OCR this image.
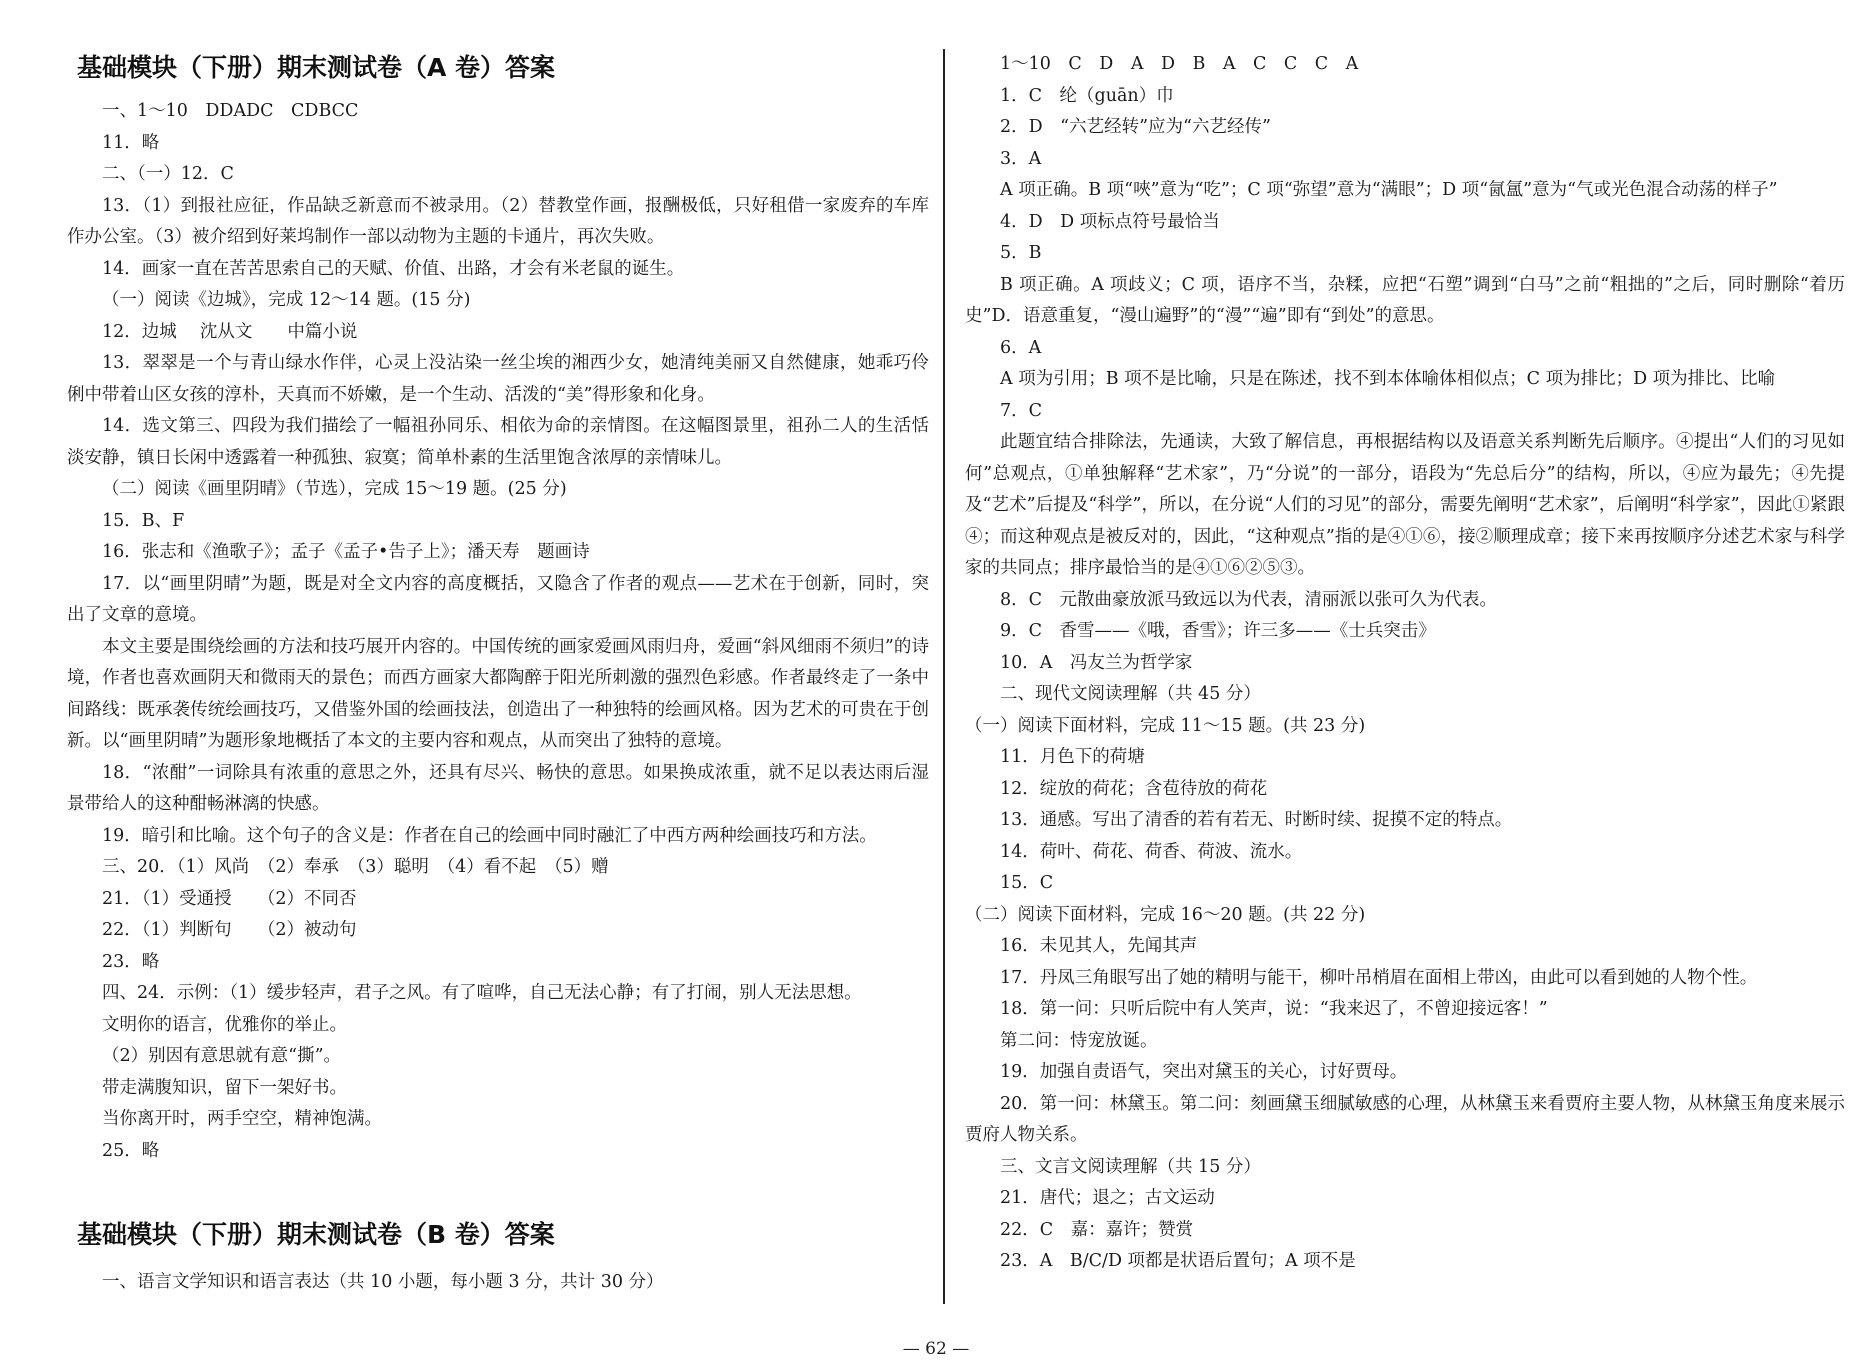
基础模块（下册）期末测试卷（A 卷）答案

一、1～10　DDADC　CDBCC

11．略

二、（一）12．C

13．（1）到报社应征，作品缺乏新意而不被录用。（2）替教堂作画，报酬极低，只好租借一家废弃的车库作办公室。（3）被介绍到好莱坞制作一部以动物为主题的卡通片，再次失败。

14．画家一直在苦苦思索自己的天赋、价值、出路，才会有米老鼠的诞生。

（一）阅读《边城》，完成 12～14 题。(15 分)

12．边城　 沈从文　　中篇小说

13．翠翠是一个与青山绿水作伴，心灵上没沾染一丝尘埃的湘西少女，她清纯美丽又自然健康，她乖巧伶俐中带着山区女孩的淳朴，天真而不娇嫩，是一个生动、活泼的“美”得形象和化身。

14．选文第三、四段为我们描绘了一幅祖孙同乐、相依为命的亲情图。在这幅图景里，祖孙二人的生活恬淡安静，镇日长闲中透露着一种孤独、寂寞；简单朴素的生活里饱含浓厚的亲情味儿。

（二）阅读《画里阴晴》（节选），完成 15～19 题。(25 分)

15．B、F

16．张志和《渔歌子》；孟子《孟子•告子上》；潘天寿　题画诗

17．以“画里阴晴”为题，既是对全文内容的高度概括，又隐含了作者的观点——艺术在于创新，同时，突出了文章的意境。

本文主要是围绕绘画的方法和技巧展开内容的。中国传统的画家爱画风雨归舟，爱画“斜风细雨不须归”的诗境，作者也喜欢画阴天和微雨天的景色；而西方画家大都陶醉于阳光所刺激的强烈色彩感。作者最终走了一条中间路线：既承袭传统绘画技巧，又借鉴外国的绘画技法，创造出了一种独特的绘画风格。因为艺术的可贵在于创新。以“画里阴晴”为题形象地概括了本文的主要内容和观点，从而突出了独特的意境。

18．“浓酣”一词除具有浓重的意思之外，还具有尽兴、畅快的意思。如果换成浓重，就不足以表达雨后湿景带给人的这种酣畅淋漓的快感。

19．暗引和比喻。这个句子的含义是：作者在自己的绘画中同时融汇了中西方两种绘画技巧和方法。

三、20．（1）风尚　（2）奉承　（3）聪明　（4）看不起　（5）赠

21．（1）受通授　　（2）不同否

22．（1）判断句　　（2）被动句

23．略

四、24．示例：（1）缓步轻声，君子之风。有了喧哗，自己无法心静；有了打闹，别人无法思想。

文明你的语言，优雅你的举止。

（2）别因有意思就有意“撕”。

带走满腹知识，留下一架好书。

当你离开时，两手空空，精神饱满。

25．略

基础模块（下册）期末测试卷（B 卷）答案

一、语言文学知识和语言表达（共 10 小题，每小题 3 分，共计 30 分）

1～10　C　D　A　D　B　A　C　C　C　A

1．C　纶（guān）巾

2．D　“六艺经转”应为“六艺经传”

3．A

A 项正确。B 项“唊”意为“吃”；C 项“弥望”意为“满眼”；D 项“氤氲”意为“气或光色混合动荡的样子”

4．D　D 项标点符号最恰当

5．B

B 项正确。A 项歧义；C 项，语序不当，杂糅，应把“石塑”调到“白马”之前“粗拙的”之后，同时删除“着历史”D．语意重复，“漫山遍野”的“漫”“遍”即有“到处”的意思。

6．A

A 项为引用；B 项不是比喻，只是在陈述，找不到本体喻体相似点；C 项为排比；D 项为排比、比喻

7．C

此题宜结合排除法，先通读，大致了解信息，再根据结构以及语意关系判断先后顺序。④提出“人们的习见如何”总观点，①单独解释“艺术家”，乃“分说”的一部分，语段为“先总后分”的结构，所以，④应为最先；④先提及“艺术”后提及“科学”，所以，在分说“人们的习见”的部分，需要先阐明“艺术家”，后阐明“科学家”，因此①紧跟④；而这种观点是被反对的，因此，“这种观点”指的是④①⑥，接②顺理成章；接下来再按顺序分述艺术家与科学家的共同点；排序最恰当的是④①⑥②⑤③。

8．C　元散曲豪放派马致远以为代表，清丽派以张可久为代表。

9．C　香雪——《哦，香雪》；许三多——《士兵突击》

10．A　冯友兰为哲学家

二、现代文阅读理解（共 45 分）

（一）阅读下面材料，完成 11～15 题。(共 23 分)

11．月色下的荷塘

12．绽放的荷花；含苞待放的荷花

13．通感。写出了清香的若有若无、时断时续、捉摸不定的特点。

14．荷叶、荷花、荷香、荷波、流水。

15．C

（二）阅读下面材料，完成 16～20 题。(共 22 分)

16．未见其人，先闻其声

17．丹凤三角眼写出了她的精明与能干，柳叶吊梢眉在面相上带凶，由此可以看到她的人物个性。

18．第一问：只听后院中有人笑声，说：“我来迟了，不曾迎接远客！”

第二问：恃宠放诞。

19．加强自责语气，突出对黛玉的关心，讨好贾母。

20．第一问：林黛玉。第二问：刻画黛玉细腻敏感的心理，从林黛玉来看贾府主要人物，从林黛玉角度来展示贾府人物关系。

三、文言文阅读理解（共 15 分）

21．唐代；退之；古文运动

22．C　嘉：嘉许；赞赏

23．A　B/C/D 项都是状语后置句；A 项不是

— 62 —
